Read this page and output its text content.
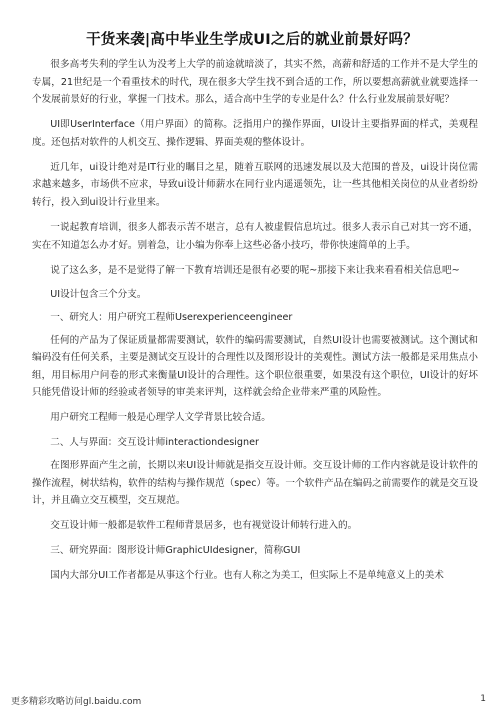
干货来袭|高中毕业生学成UI之后的就业前景好吗？

很多高考失利的学生认为没考上大学的前途就暗淡了，其实不然，高薪和舒适的工作并不是大学生的专属，21世纪是一个看重技术的时代，现在很多大学生找不到合适的工作，所以要想高薪就业就要选择一个发展前景好的行业，掌握一门技术。那么，适合高中生学的专业是什么？什么行业发展前景好呢？

UI即UserInterface（用户界面）的简称。泛指用户的操作界面，UI设计主要指界面的样式，美观程度。还包括对软件的人机交互、操作逻辑、界面美观的整体设计。

近几年，ui设计绝对是IT行业的瞩目之星，随着互联网的迅速发展以及大范围的普及，ui设计岗位需求越来越多，市场供不应求，导致ui设计师薪水在同行业内遥遥领先，让一些其他相关岗位的从业者纷纷转行，投入到ui设计行业里来。

一说起教育培训，很多人都表示苦不堪言，总有人被虚假信息坑过。很多人表示自己对其一窍不通，实在不知道怎么办才好。别着急，让小编为你奉上这些必备小技巧，带你快速简单的上手。

说了这么多，是不是觉得了解一下教育培训还是很有必要的呢~那接下来让我来看看相关信息吧~

UI设计包含三个分支。

一、研究人：用户研究工程师Userexperienceengineer

任何的产品为了保证质量都需要测试，软件的编码需要测试，自然UI设计也需要被测试。这个测试和编码没有任何关系，主要是测试交互设计的合理性以及图形设计的美观性。测试方法一般都是采用焦点小组，用目标用户问卷的形式来衡量UI设计的合理性。这个职位很重要，如果没有这个职位，UI设计的好坏只能凭借设计师的经验或者领导的审美来评判，这样就会给企业带来严重的风险性。

用户研究工程师一般是心理学人文学背景比较合适。

二、人与界面：交互设计师interactiondesigner

在图形界面产生之前，长期以来UI设计师就是指交互设计师。交互设计师的工作内容就是设计软件的操作流程，树状结构，软件的结构与操作规范（spec）等。一个软件产品在编码之前需要作的就是交互设计，并且确立交互模型，交互规范。

交互设计师一般都是软件工程师背景居多，也有视觉设计师转行进入的。

三、研究界面：图形设计师GraphicUIdesigner，简称GUI

国内大部分UI工作者都是从事这个行业。也有人称之为美工，但实际上不是单纯意义上的美术

更多精彩攻略访问gl.baidu.com	1
